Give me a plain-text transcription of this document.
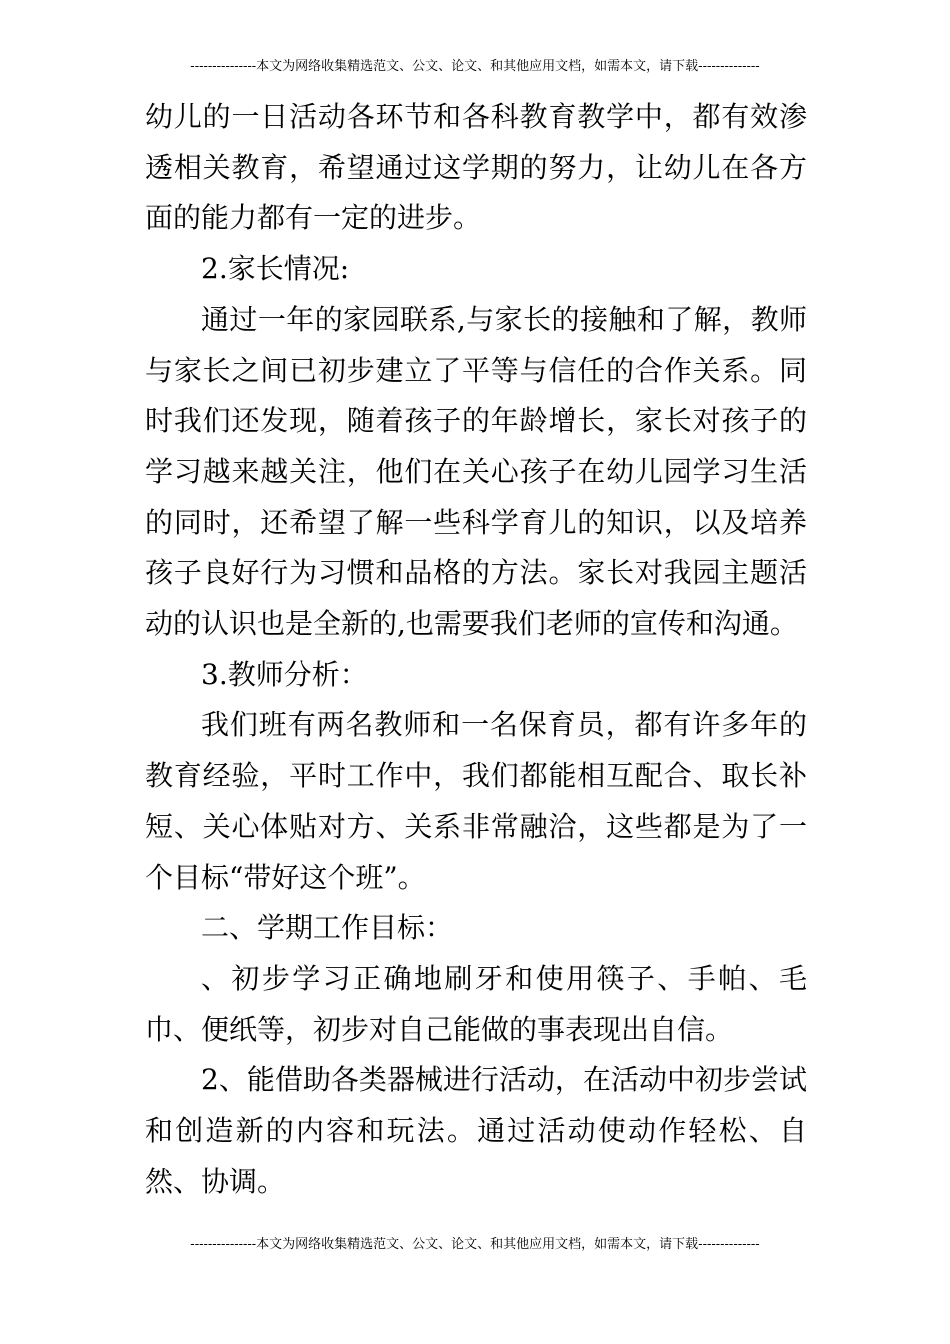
---------------本文为网络收集精选范文、公文、论文、和其他应用文档，如需本文，请下载--------------

幼儿的一日活动各环节和各科教育教学中，都有效渗透相关教育，希望通过这学期的努力，让幼儿在各方面的能力都有一定的进步。

2.家长情况:

通过一年的家园联系,与家长的接触和了解，教师与家长之间已初步建立了平等与信任的合作关系。同时我们还发现，随着孩子的年龄增长，家长对孩子的学习越来越关注，他们在关心孩子在幼儿园学习生活的同时，还希望了解一些科学育儿的知识，以及培养孩子良好行为习惯和品格的方法。家长对我园主题活动的认识也是全新的,也需要我们老师的宣传和沟通。

3.教师分析：

我们班有两名教师和一名保育员，都有许多年的教育经验，平时工作中，我们都能相互配合、取长补短、关心体贴对方、关系非常融洽，这些都是为了一个目标“带好这个班”。

二、学期工作目标：

、初步学习正确地刷牙和使用筷子、手帕、毛巾、便纸等，初步对自己能做的事表现出自信。

2、能借助各类器械进行活动，在活动中初步尝试和创造新的内容和玩法。通过活动使动作轻松、自然、协调。

---------------本文为网络收集精选范文、公文、论文、和其他应用文档，如需本文，请下载--------------
